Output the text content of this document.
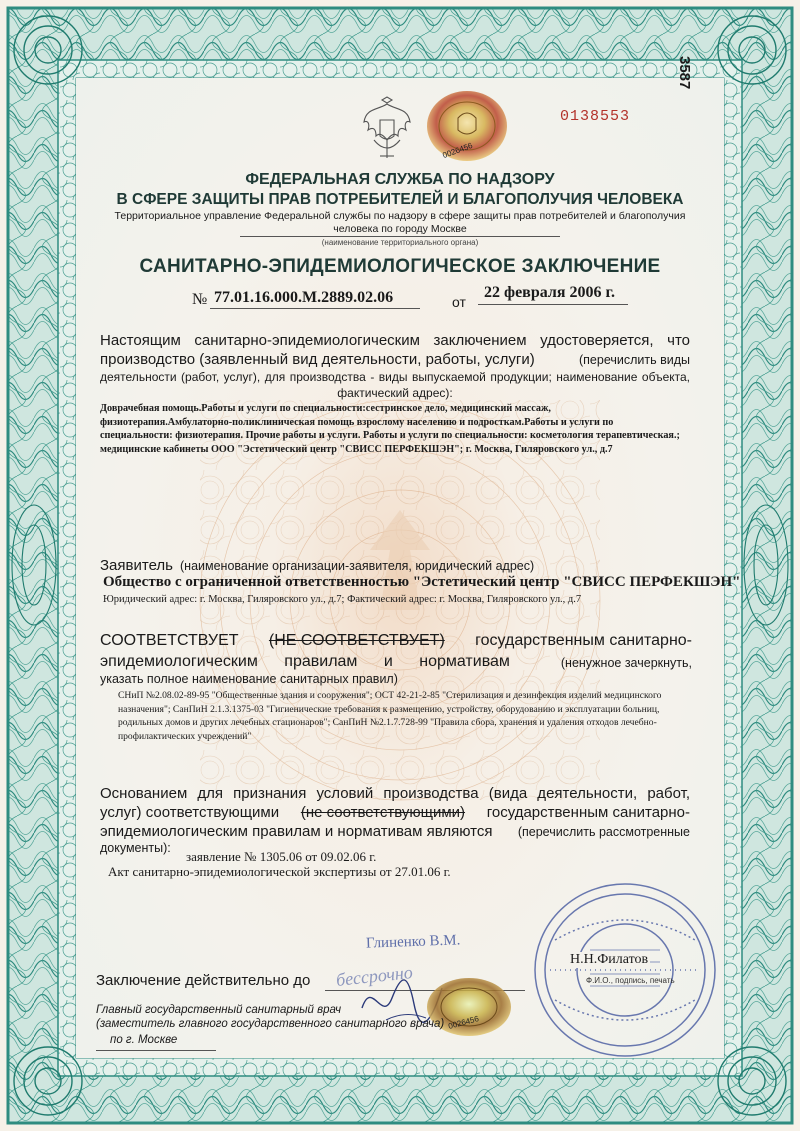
3587
0026456
0138553
ФЕДЕРАЛЬНАЯ СЛУЖБА ПО НАДЗОРУ
В СФЕРЕ ЗАЩИТЫ ПРАВ ПОТРЕБИТЕЛЕЙ И БЛАГОПОЛУЧИЯ ЧЕЛОВЕКА
Территориальное управление Федеральной службы по надзору в сфере защиты прав потребителей и благополучия
человека по городу Москве
(наименование территориального органа)
САНИТАРНО-ЭПИДЕМИОЛОГИЧЕСКОЕ ЗАКЛЮЧЕНИЕ
№ 77.01.16.000.М.2889.02.06	от
22 февраля 2006 г.
Настоящим санитарно-эпидемиологическим заключением удостоверяется, что
производство (заявленный вид деятельности, работы, услуги)	(перечислить виды
деятельности (работ, услуг), для производства - виды выпускаемой продукции; наименование объекта,
фактический адрес):
Доврачебная помощь.Работы и услуги по специальности:сестринское дело, медицинский массаж,
физиотерапия.Амбулаторно-поликлиническая помощь взрослому населению и подросткам.Работы и услуги по
специальности: физиотерапия. Прочие работы и услуги. Работы и услуги по специальности: косметология терапевтическая.;
медицинские кабинеты ООО "Эстетический центр "СВИСС ПЕРФЕКШЭН"; г. Москва, Гиляровского ул., д.7
Заявитель (наименование организации-заявителя, юридический адрес)
Общество с ограниченной ответственностью "Эстетический центр "СВИСС ПЕРФЕКШЭН"
Юридический адрес: г. Москва, Гиляровского ул., д.7; Фактический адрес: г. Москва, Гиляровского ул., д.7
СООТВЕТСТВУЕТ (НЕ СООТВЕТСТВУЕТ) государственным санитарно-
эпидемиологическим правилам и нормативам	(ненужное зачеркнуть,
указать полное наименование санитарных правил)
СНиП №2.08.02-89-95 "Общественные здания и сооружения"; ОСТ 42-21-2-85 "Стерилизация и дезинфекция изделий медицинского
назначения"; СанПиН 2.1.3.1375-03 "Гигиенические требования к размещению, устройству, оборудованию и эксплуатации больниц,
родильных домов и других лечебных стационаров"; СанПиН №2.1.7.728-99 "Правила сбора, хранения и удаления отходов лечебно-
профилактических учреждений"
Основанием для признания условий производства (вида деятельности, работ,
услуг) соответствующими (не соответствующими) государственным санитарно-
эпидемиологическим правилам и нормативам являются (перечислить рассмотренные
документы):
заявление № 1305.06 от 09.02.06 г.
Акт санитарно-эпидемиологической экспертизы от 27.01.06 г.
Глиненко В.М.
Н.Н.Филатов
Заключение действительно до бессрочно
0026456
Главный государственный санитарный врач
(заместитель главного государственного санитарного врача)
по г. Москве
Ф.И.О., подпись, печать
